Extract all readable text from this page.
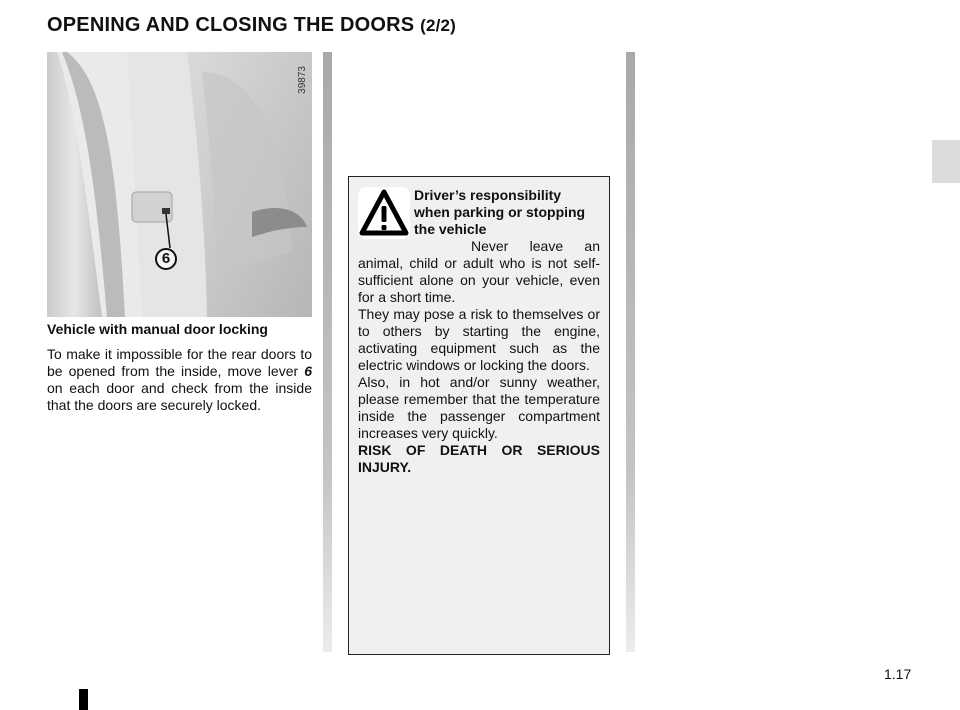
OPENING AND CLOSING THE DOORS (2/2)
39873
6
Vehicle with manual door locking

To make it impossible for the rear doors to be opened from the inside, move lever 6 on each door and check from the inside that the doors are securely locked.

Driver’s responsibility when parking or stopping the vehicle

Never leave an animal, child or adult who is not self-sufficient alone on your vehicle, even for a short time.

They may pose a risk to themselves or to others by starting the engine, activating equipment such as the electric windows or locking the doors.

Also, in hot and/or sunny weather, please remember that the temperature inside the passenger compartment increases very quickly.

RISK OF DEATH OR SERIOUS INJURY.

1.17
